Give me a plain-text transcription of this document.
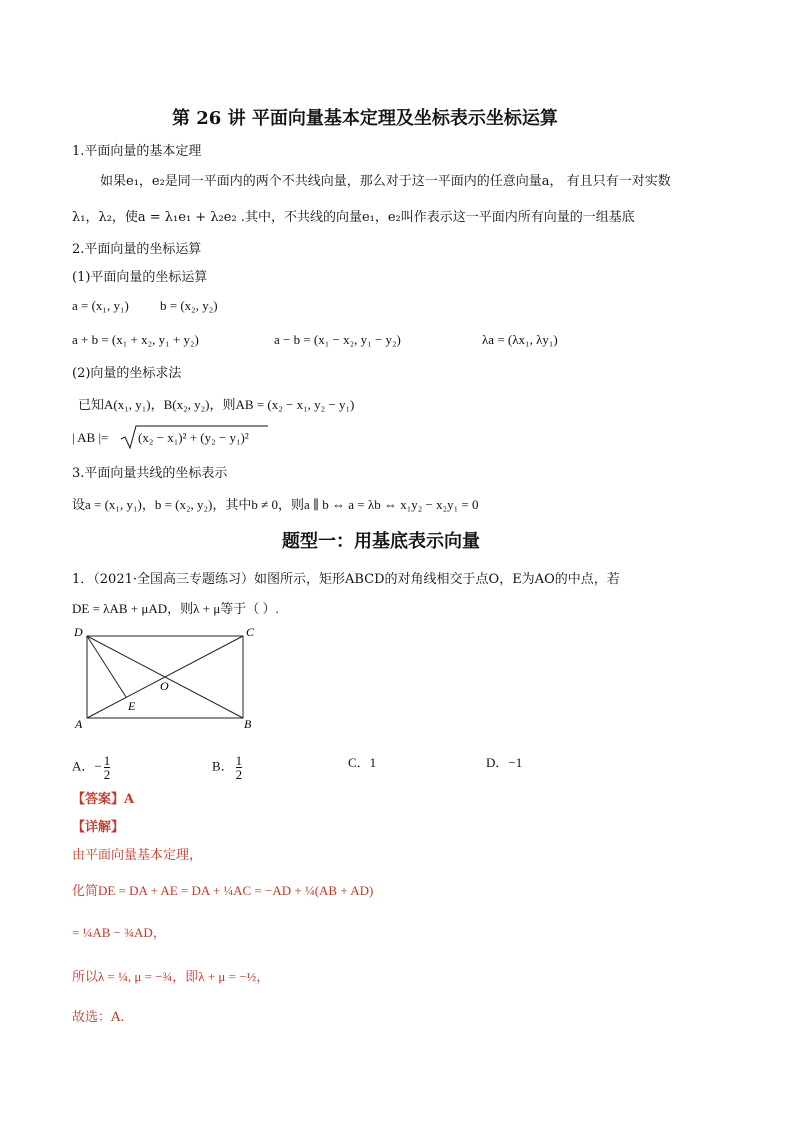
第 26 讲 平面向量基本定理及坐标表示坐标运算
1.平面向量的基本定理
如果e₁，e₂是同一平面内的两个不共线向量，那么对于这一平面内的任意向量a， 有且只有一对实数
λ₁，λ₂，使a = λ₁e₁ + λ₂e₂ .其中，不共线的向量e₁，e₂叫作表示这一平面内所有向量的一组基底
2.平面向量的坐标运算
(1)平面向量的坐标运算
a = (x₁, y₁) b = (x₂, y₂)
a + b = (x₁ + x₂, y₁ + y₂)	a − b = (x₁ − x₂, y₁ − y₂)	λa = (λx₁, λy₁)
(2)向量的坐标求法
已知A(x₁, y₁)，B(x₂, y₂)，则AB = (x₂ − x₁, y₂ − y₁)
| AB |= (x₂ − x₁)² + (y₂ − y₁)²
3.平面向量共线的坐标表示
设a = (x₁, y₁)，b = (x₂, y₂)，其中b ≠ 0，则a ∥ b ⇔ a = λb ⇔ x₁y₂ − x₂y₁ = 0
题型一：用基底表示向量
1．（2021·全国高三专题练习）如图所示，矩形ABCD的对角线相交于点O，E为AO的中点，若
DE = λAB + μAD，则λ + μ等于（ ）.
D	C
A	B
O
E
A．− $\frac{1}{2}$	B． $\frac{1}{2}$	C．1	D．−1
【答案】A
【详解】
由平面向量基本定理，
化简DE = DA + AE = DA + ¼AC = −AD + ¼(AB + AD)
= ¼AB − ¾AD，
所以λ = ¼, μ = −¾，即λ + μ = −½，
故选：A.
